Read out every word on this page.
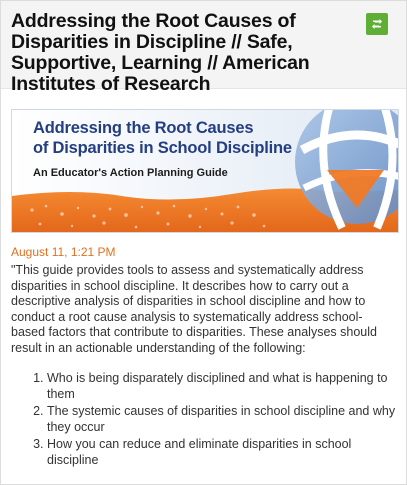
Addressing the Root Causes of Disparities in Discipline // Safe, Supportive, Learning // American Institutes of Research
Addressing the Root Causes
of Disparities in School Discipline
An Educator's Action Planning Guide
August 11, 1:21 PM

"This guide provides tools to assess and systematically address disparities in school discipline. It describes how to carry out a descriptive analysis of disparities in school discipline and how to conduct a root cause analysis to systematically address school-based factors that contribute to disparities. These analyses should result in an actionable understanding of the following:

1. Who is being disparately disciplined and what is happening to them
2. The systemic causes of disparities in school discipline and why they occur
3. How you can reduce and eliminate disparities in school discipline
